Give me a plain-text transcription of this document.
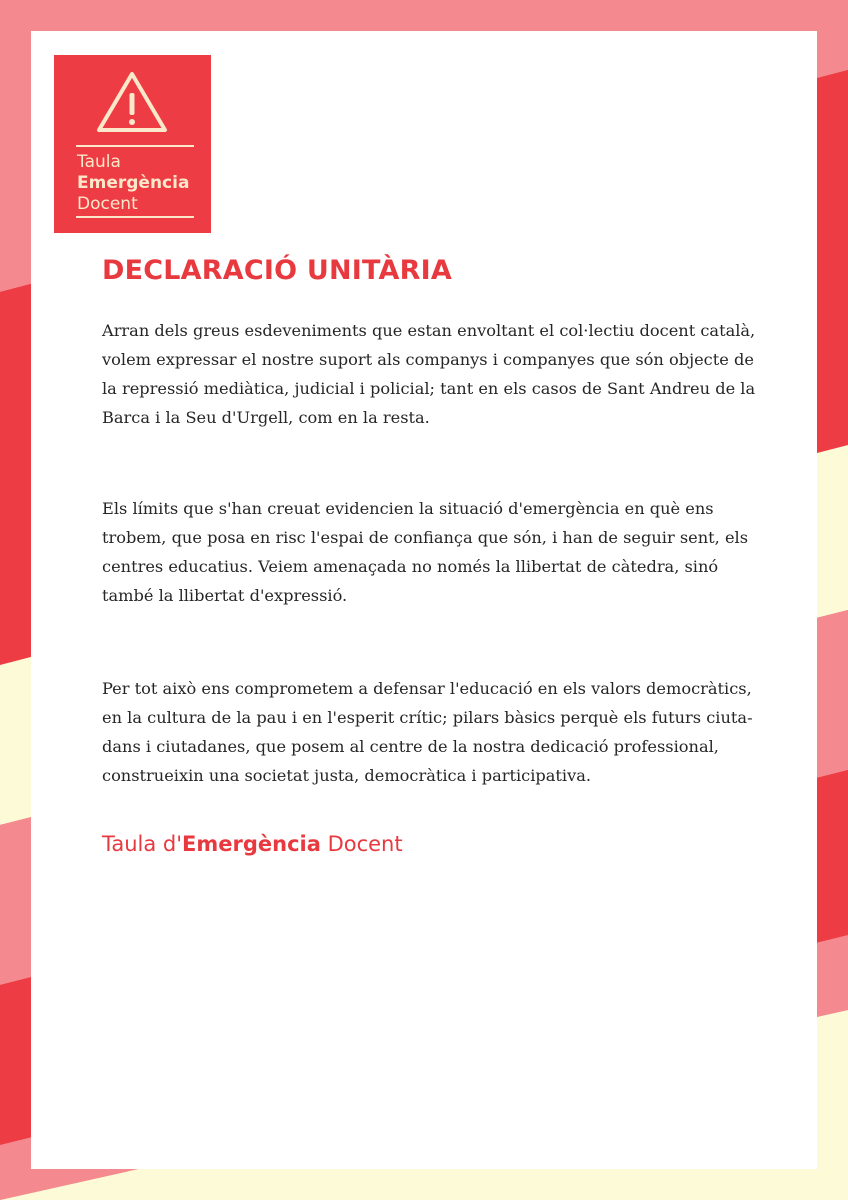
Taula
Emergència
Docent
DECLARACIÓ UNITÀRIA

Arran dels greus esdeveniments que estan envoltant el col·lectiu docent català,
volem expressar el nostre suport als companys i companyes que són objecte de
la repressió mediàtica, judicial i policial; tant en els casos de Sant Andreu de la
Barca i la Seu d'Urgell, com en la resta.

Els límits que s'han creuat evidencien la situació d'emergència en què ens
trobem, que posa en risc l'espai de confiança que són, i han de seguir sent, els
centres educatius. Veiem amenaçada no només la llibertat de càtedra, sinó
també la llibertat d'expressió.

Per tot això ens comprometem a defensar l'educació en els valors democràtics,
en la cultura de la pau i en l'esperit crític; pilars bàsics perquè els futurs ciuta-
dans i ciutadanes, que posem al centre de la nostra dedicació professional,
construeixin una societat justa, democràtica i participativa.

Taula d'Emergència Docent
